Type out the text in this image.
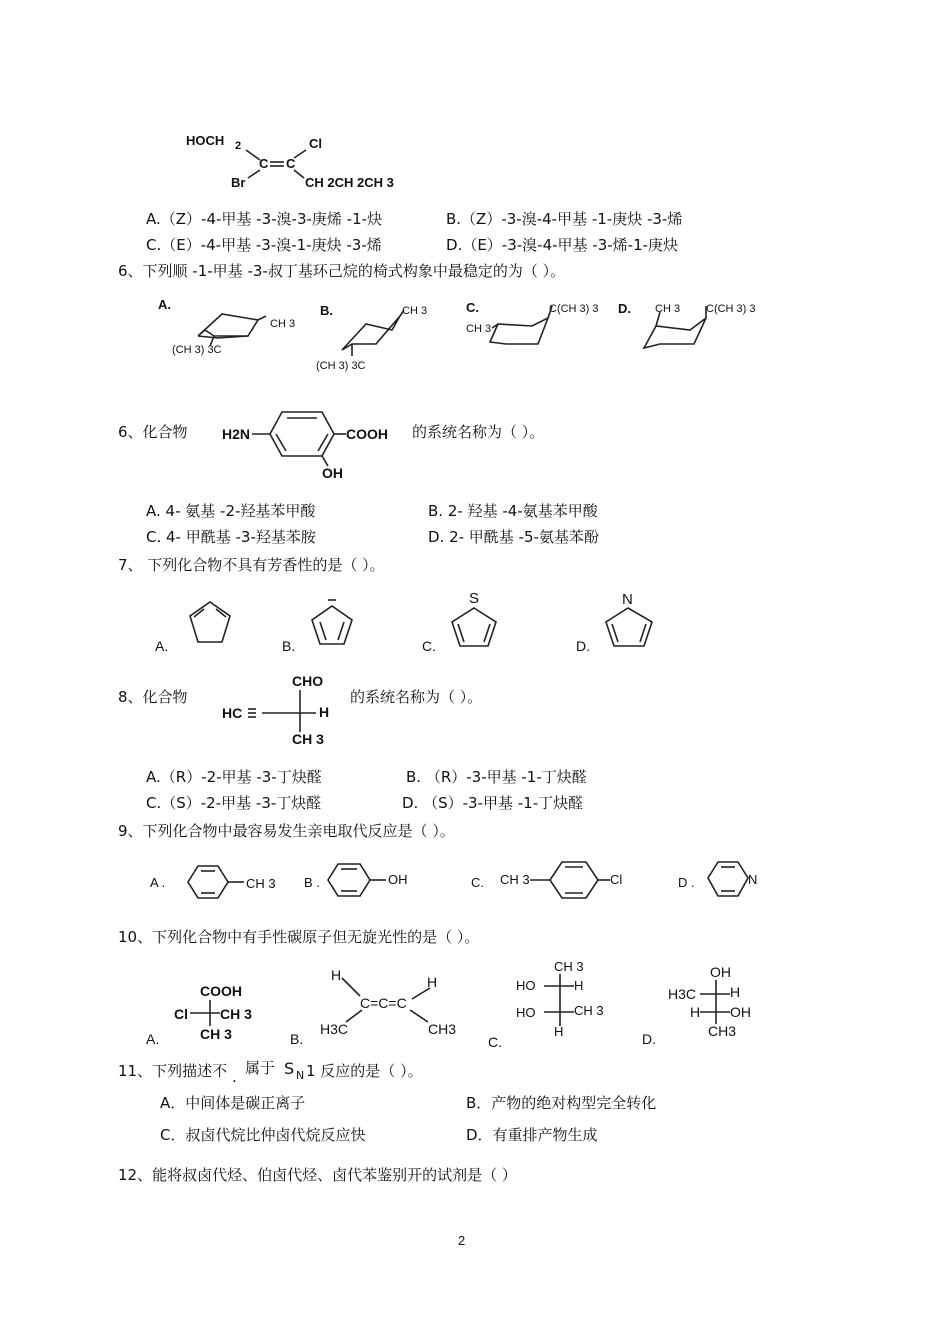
HOCH 2	Cl
C C
Br	CH 2CH 2CH 3
A.（Z）-4-甲基 -3-溴-3-庚烯 -1-炔	B.（Z）-3-溴-4-甲基 -1-庚炔 -3-烯
C.（E）-4-甲基 -3-溴-1-庚炔 -3-烯	D.（E）-3-溴-4-甲基 -3-烯-1-庚炔
6、下列顺 -1-甲基 -3-叔丁基环己烷的椅式构象中最稳定的为（ ）。
A.
CH 3
(CH 3) 3C
B.	CH 3
(CH 3) 3C
C.	C(CH 3) 3
CH 3
D. CH 3 C(CH 3) 3
6、化合物 H2N	COOH
OH
的系统名称为（ ）。
A. 4- 氨基 -2-羟基苯甲酸	B. 2- 羟基 -4-氨基苯甲酸
C. 4- 甲酰基 -3-羟基苯胺	D. 2- 甲酰基 -5-氨基苯酚
7、 下列化合物不具有芳香性的是（ ）。
A.	B.	C.	D.
S	N
8、化合物
CHO
HC	H
CH 3
的系统名称为（ ）。
A.（R）-2-甲基 -3-丁炔醛	B. （R）-3-甲基 -1-丁炔醛
C.（S）-2-甲基 -3-丁炔醛	D. （S）-3-甲基 -1-丁炔醛
9、下列化合物中最容易发生亲电取代反应是（ ）。
A .	CH 3 B .	OH	C. CH 3	Cl	D .	N
10、下列化合物中有手性碳原子但无旋光性的是（ ）。
A.	B.	C.	D.
COOH
Cl CH 3
CH 3
H	H
C=C=C
H3C	CH3
CH 3
HO	H
HO	CH 3
H
OH
H3C H
H OH
CH3
11、下列描述不 . 属于 S N 1 反应的是（ ）。
A．中间体是碳正离子	B．产物的绝对构型完全转化
C．叔卤代烷比仲卤代烷反应快	D．有重排产物生成
12、能将叔卤代烃、伯卤代烃、卤代苯鉴别开的试剂是（ ）
2
